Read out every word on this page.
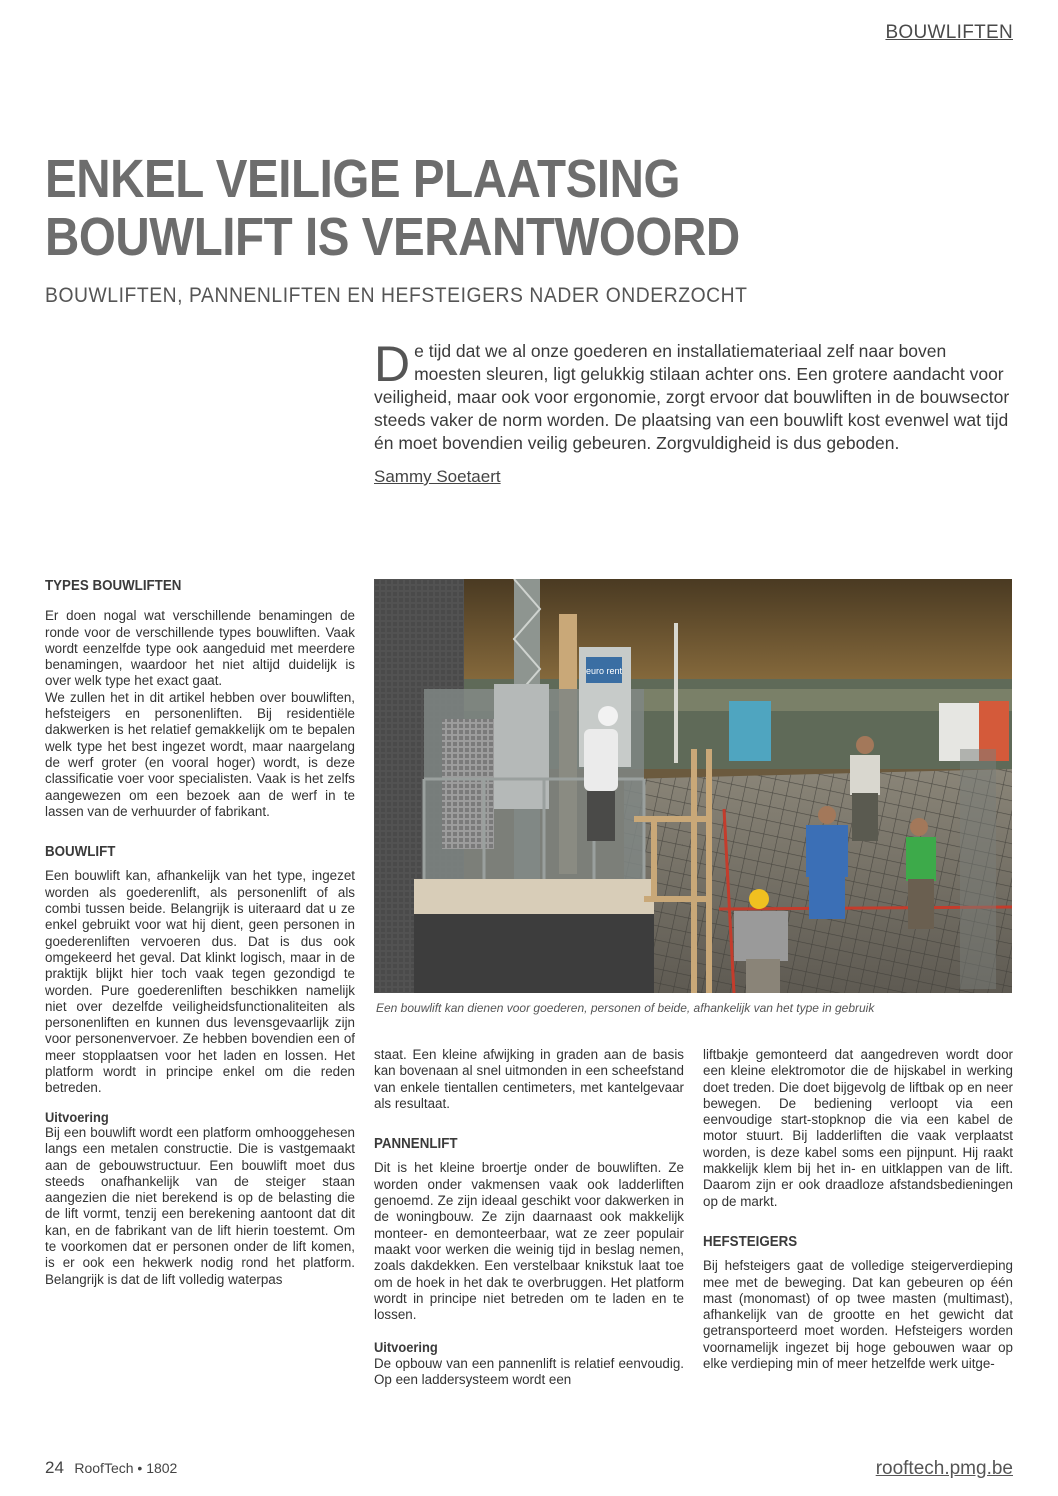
BOUWLIFTEN
ENKEL VEILIGE PLAATSING
BOUWLIFT IS VERANTWOORD
BOUWLIFTEN, PANNENLIFTEN EN HEFSTEIGERS NADER ONDERZOCHT
D e tijd dat we al onze goederen en installatiemateriaal zelf naar boven moesten sleuren, ligt gelukkig stilaan achter ons. Een grotere aandacht voor veiligheid, maar ook voor ergonomie, zorgt ervoor dat bouwliften in de bouwsector steeds vaker de norm worden. De plaatsing van een bouwlift kost evenwel wat tijd én moet bovendien veilig gebeuren. Zorgvuldigheid is dus geboden.

Sammy Soetaert
euro rent
Een bouwlift kan dienen voor goederen, personen of beide, afhankelijk van het type in gebruik
TYPES BOUWLIFTEN

Er doen nogal wat verschillende benamingen de ronde voor de verschillende types bouwliften. Vaak wordt eenzelfde type ook aangeduid met meerdere benamingen, waardoor het niet altijd duidelijk is over welk type het exact gaat.

We zullen het in dit artikel hebben over bouwliften, hefsteigers en personenliften. Bij residentiële dakwerken is het relatief gemakkelijk om te bepalen welk type het best ingezet wordt, maar naargelang de werf groter (en vooral hoger) wordt, is deze classificatie voer voor specialisten. Vaak is het zelfs aangewezen om een bezoek aan de werf in te lassen van de verhuurder of fabrikant.

BOUWLIFT

Een bouwlift kan, afhankelijk van het type, ingezet worden als goederenlift, als personenlift of als combi tussen beide. Belangrijk is uiteraard dat u ze enkel gebruikt voor wat hij dient, geen personen in goederenliften vervoeren dus. Dat is dus ook omgekeerd het geval. Dat klinkt logisch, maar in de praktijk blijkt hier toch vaak tegen gezondigd te worden. Pure goederenliften beschikken namelijk niet over dezelfde veiligheidsfunctionaliteiten als personenliften en kunnen dus levensgevaarlijk zijn voor personenvervoer. Ze hebben bovendien een of meer stopplaatsen voor het laden en lossen. Het platform wordt in principe enkel om die reden betreden.

Uitvoering

Bij een bouwlift wordt een platform omhooggehesen langs een metalen constructie. Die is vastgemaakt aan de gebouwstructuur. Een bouwlift moet dus steeds onafhankelijk van de steiger staan aangezien die niet berekend is op de belasting die de lift vormt, tenzij een berekening aantoont dat dit kan, en de fabrikant van de lift hierin toestemt. Om te voorkomen dat er personen onder de lift komen, is er ook een hekwerk nodig rond het platform. Belangrijk is dat de lift volledig waterpas

staat. Een kleine afwijking in graden aan de basis kan bovenaan al snel uitmonden in een scheefstand van enkele tientallen centimeters, met kantelgevaar als resultaat.

PANNENLIFT

Dit is het kleine broertje onder de bouwliften. Ze worden onder vakmensen vaak ook ladderliften genoemd. Ze zijn ideaal geschikt voor dakwerken in de woningbouw. Ze zijn daarnaast ook makkelijk monteer- en demonteerbaar, wat ze zeer populair maakt voor werken die weinig tijd in beslag nemen, zoals dakdekken. Een verstelbaar knikstuk laat toe om de hoek in het dak te overbruggen. Het platform wordt in principe niet betreden om te laden en te lossen.

Uitvoering

De opbouw van een pannenlift is relatief eenvoudig. Op een laddersysteem wordt een

liftbakje gemonteerd dat aangedreven wordt door een kleine elektromotor die de hijskabel in werking doet treden. Die doet bijgevolg de liftbak op en neer bewegen. De bediening verloopt via een eenvoudige start-stopknop die via een kabel de motor stuurt. Bij ladderliften die vaak verplaatst worden, is deze kabel soms een pijnpunt. Hij raakt makkelijk klem bij het in- en uitklappen van de lift. Daarom zijn er ook draadloze afstandsbedieningen op de markt.

HEFSTEIGERS

Bij hefsteigers gaat de volledige steigerverdieping mee met de beweging. Dat kan gebeuren op één mast (monomast) of op twee masten (multimast), afhankelijk van de grootte en het gewicht dat getransporteerd moet worden. Hefsteigers worden voornamelijk ingezet bij hoge gebouwen waar op elke verdieping min of meer hetzelfde werk uitge-

24 RoofTech • 1802	rooftech.pmg.be
